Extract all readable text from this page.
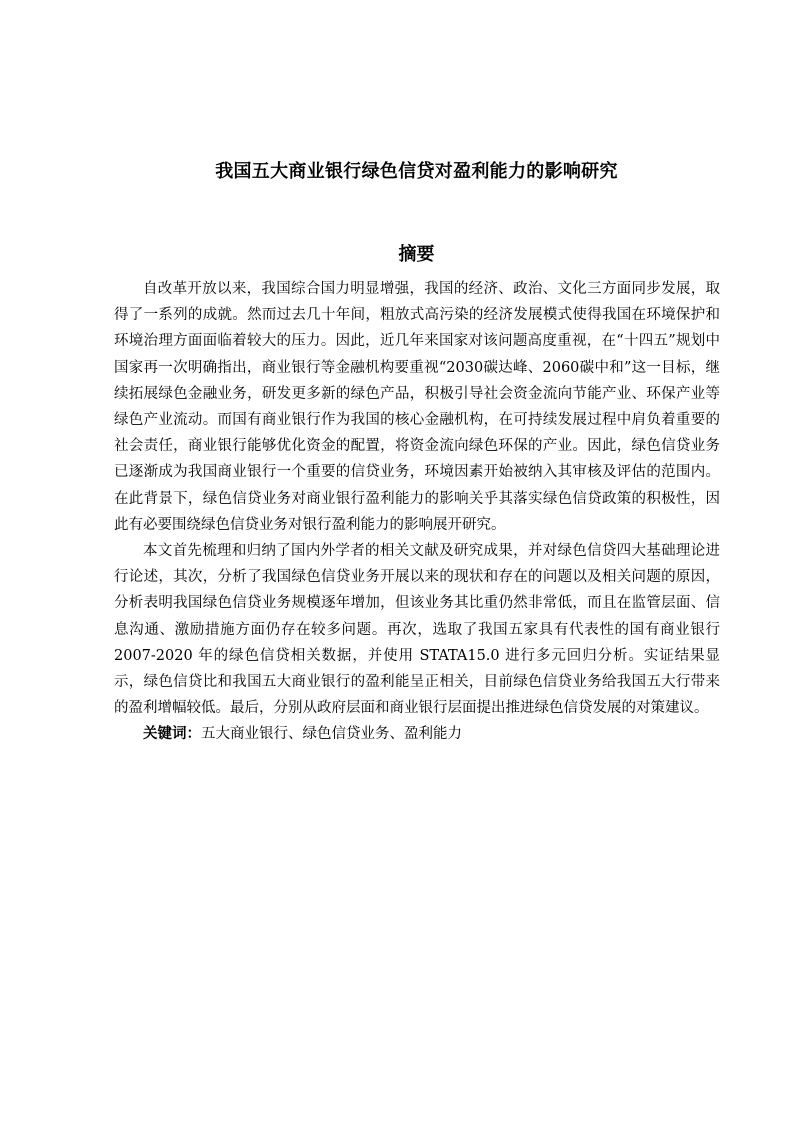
我国五大商业银行绿色信贷对盈利能力的影响研究
摘要

自改革开放以来，我国综合国力明显增强，我国的经济、政治、文化三方面同步发展，取得了一系列的成就。然而过去几十年间，粗放式高污染的经济发展模式使得我国在环境保护和环境治理方面面临着较大的压力。因此，近几年来国家对该问题高度重视，在“十四五”规划中国家再一次明确指出，商业银行等金融机构要重视“2030碳达峰、2060碳中和”这一目标，继续拓展绿色金融业务，研发更多新的绿色产品，积极引导社会资金流向节能产业、环保产业等绿色产业流动。而国有商业银行作为我国的核心金融机构，在可持续发展过程中肩负着重要的社会责任，商业银行能够优化资金的配置，将资金流向绿色环保的产业。因此，绿色信贷业务已逐渐成为我国商业银行一个重要的信贷业务，环境因素开始被纳入其审核及评估的范围内。在此背景下，绿色信贷业务对商业银行盈利能力的影响关乎其落实绿色信贷政策的积极性，因此有必要围绕绿色信贷业务对银行盈利能力的影响展开研究。

本文首先梳理和归纳了国内外学者的相关文献及研究成果，并对绿色信贷四大基础理论进行论述，其次，分析了我国绿色信贷业务开展以来的现状和存在的问题以及相关问题的原因，分析表明我国绿色信贷业务规模逐年增加，但该业务其比重仍然非常低，而且在监管层面、信息沟通、激励措施方面仍存在较多问题。再次，选取了我国五家具有代表性的国有商业银行 2007-2020 年的绿色信贷相关数据，并使用 STATA15.0 进行多元回归分析。实证结果显示，绿色信贷比和我国五大商业银行的盈利能呈正相关，目前绿色信贷业务给我国五大行带来的盈利增幅较低。最后，分别从政府层面和商业银行层面提出推进绿色信贷发展的对策建议。

关键词：五大商业银行、绿色信贷业务、盈利能力
